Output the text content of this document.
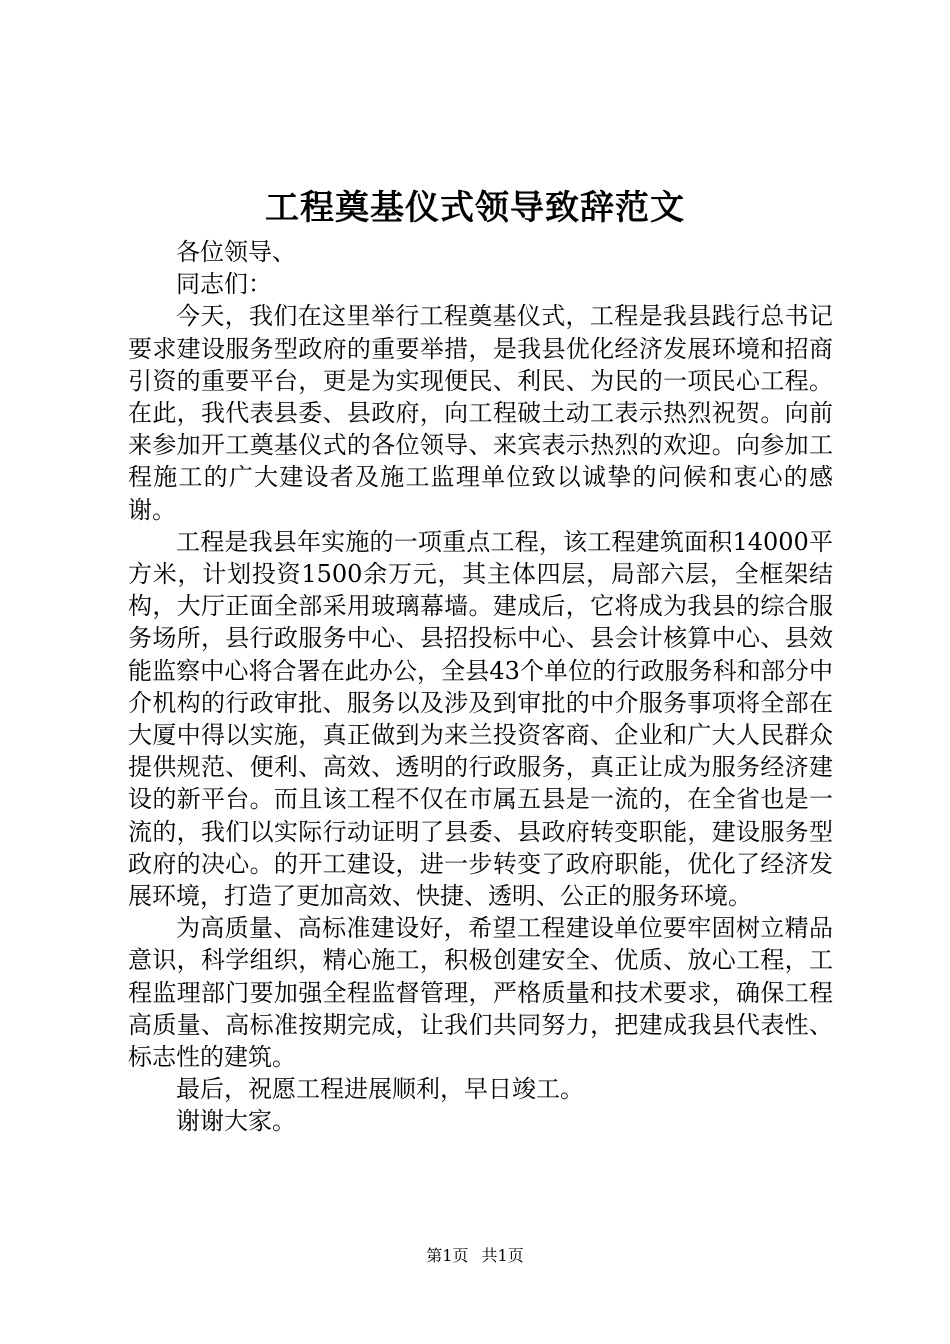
工程奠基仪式领导致辞范文

各位领导、

同志们：

今天，我们在这里举行工程奠基仪式，工程是我县践行总书记要求建设服务型政府的重要举措，是我县优化经济发展环境和招商引资的重要平台，更是为实现便民、利民、为民的一项民心工程。在此，我代表县委、县政府，向工程破土动工表示热烈祝贺。向前来参加开工奠基仪式的各位领导、来宾表示热烈的欢迎。向参加工程施工的广大建设者及施工监理单位致以诚挚的问候和衷心的感谢。

工程是我县年实施的一项重点工程，该工程建筑面积14000平方米，计划投资1500余万元，其主体四层，局部六层，全框架结构，大厅正面全部采用玻璃幕墙。建成后，它将成为我县的综合服务场所，县行政服务中心、县招投标中心、县会计核算中心、县效能监察中心将合署在此办公，全县43个单位的行政服务科和部分中介机构的行政审批、服务以及涉及到审批的中介服务事项将全部在大厦中得以实施，真正做到为来兰投资客商、企业和广大人民群众提供规范、便利、高效、透明的行政服务，真正让成为服务经济建设的新平台。而且该工程不仅在市属五县是一流的，在全省也是一流的，我们以实际行动证明了县委、县政府转变职能，建设服务型政府的决心。的开工建设，进一步转变了政府职能，优化了经济发展环境，打造了更加高效、快捷、透明、公正的服务环境。

为高质量、高标准建设好，希望工程建设单位要牢固树立精品意识，科学组织，精心施工，积极创建安全、优质、放心工程，工程监理部门要加强全程监督管理，严格质量和技术要求，确保工程高质量、高标准按期完成，让我们共同努力，把建成我县代表性、标志性的建筑。

最后，祝愿工程进展顺利，早日竣工。

谢谢大家。

第1页 共1页
